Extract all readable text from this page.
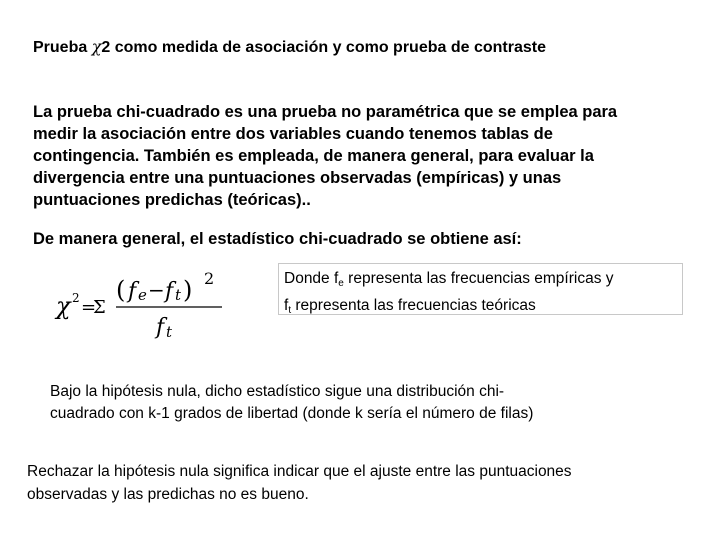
Prueba χ2 como medida de asociación y como prueba de contraste
La prueba chi-cuadrado es una prueba no paramétrica que se emplea para
medir la asociación entre dos variables cuando tenemos tablas de
contingencia. También es empleada, de manera general, para evaluar la
divergencia entre una puntuaciones observadas (empíricas) y unas
puntuaciones predichas (teóricas)..
De manera general, el estadístico chi-cuadrado se obtiene así:
χ 2 =
Σ
( f e − f t ) 2
f t
Donde $f_e$ representa las frecuencias empíricas y
$f_t$ representa las frecuencias teóricas
Bajo la hipótesis nula, dicho estadístico sigue una distribución chi-
cuadrado con k-1 grados de libertad (donde k sería el número de filas)
Rechazar la hipótesis nula significa indicar que el ajuste entre las puntuaciones
observadas y las predichas no es bueno.
